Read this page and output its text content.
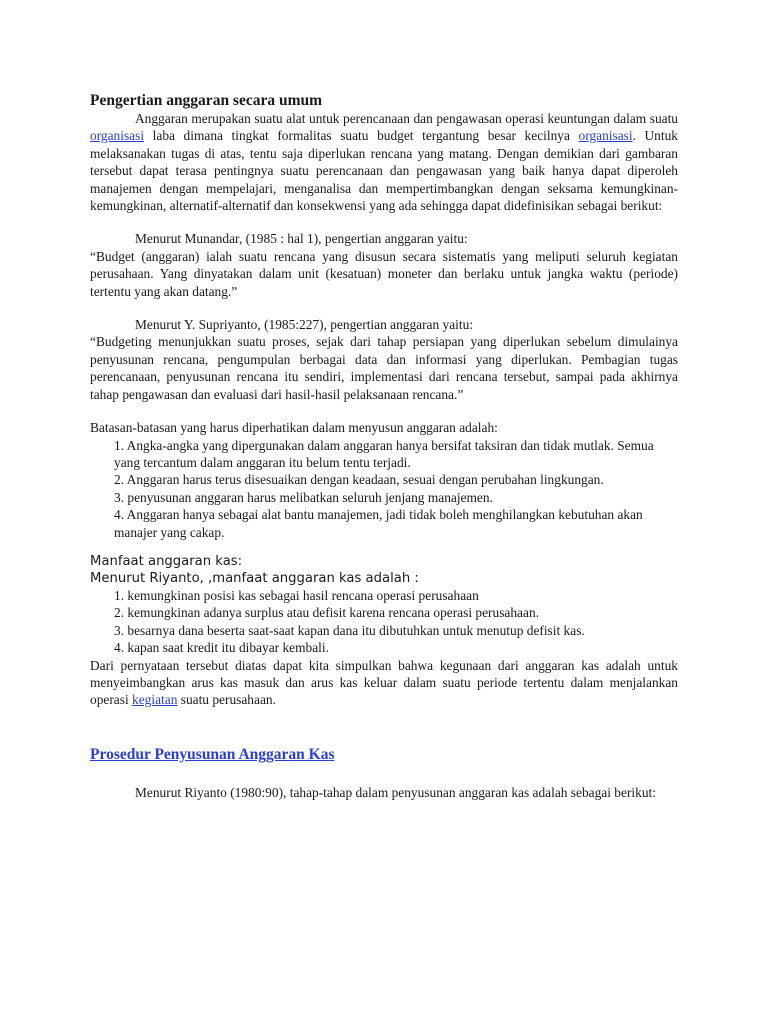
Pengertian anggaran secara umum

Anggaran merupakan suatu alat untuk perencanaan dan pengawasan operasi keuntungan dalam suatu organisasi laba dimana tingkat formalitas suatu budget tergantung besar kecilnya organisasi. Untuk melaksanakan tugas di atas, tentu saja diperlukan rencana yang matang. Dengan demikian dari gambaran tersebut dapat terasa pentingnya suatu perencanaan dan pengawasan yang baik hanya dapat diperoleh manajemen dengan mempelajari, menganalisa dan mempertimbangkan dengan seksama kemungkinan-kemungkinan, alternatif-alternatif dan konsekwensi yang ada sehingga dapat didefinisikan sebagai berikut:

Menurut Munandar, (1985 : hal 1), pengertian anggaran yaitu:

“Budget (anggaran) ialah suatu rencana yang disusun secara sistematis yang meliputi seluruh kegiatan perusahaan. Yang dinyatakan dalam unit (kesatuan) moneter dan berlaku untuk jangka waktu (periode) tertentu yang akan datang.”

Menurut Y. Supriyanto, (1985:227), pengertian anggaran yaitu:

“Budgeting menunjukkan suatu proses, sejak dari tahap persiapan yang diperlukan sebelum dimulainya penyusunan rencana, pengumpulan berbagai data dan informasi yang diperlukan. Pembagian tugas perencanaan, penyusunan rencana itu sendiri, implementasi dari rencana tersebut, sampai pada akhirnya tahap pengawasan dan evaluasi dari hasil-hasil pelaksanaan rencana.”

Batasan-batasan yang harus diperhatikan dalam menyusun anggaran adalah:

1. Angka-angka yang dipergunakan dalam anggaran hanya bersifat taksiran dan tidak mutlak. Semua yang tercantum dalam anggaran itu belum tentu terjadi.
2. Anggaran harus terus disesuaikan dengan keadaan, sesuai dengan perubahan lingkungan.
3. penyusunan anggaran harus melibatkan seluruh jenjang manajemen.
4. Anggaran hanya sebagai alat bantu manajemen, jadi tidak boleh menghilangkan kebutuhan akan manajer yang cakap.

Manfaat anggaran kas:

Menurut Riyanto, ,manfaat anggaran kas adalah :

1. kemungkinan posisi kas sebagai hasil rencana operasi perusahaan
2. kemungkinan adanya surplus atau defisit karena rencana operasi perusahaan.
3. besarnya dana beserta saat-saat kapan dana itu dibutuhkan untuk menutup defisit kas.
4. kapan saat kredit itu dibayar kembali.

Dari pernyataan tersebut diatas dapat kita simpulkan bahwa kegunaan dari anggaran kas adalah untuk menyeimbangkan arus kas masuk dan arus kas keluar dalam suatu periode tertentu dalam menjalankan operasi kegiatan suatu perusahaan.

Prosedur Penyusunan Anggaran Kas

Menurut Riyanto (1980:90), tahap-tahap dalam penyusunan anggaran kas adalah sebagai berikut:
